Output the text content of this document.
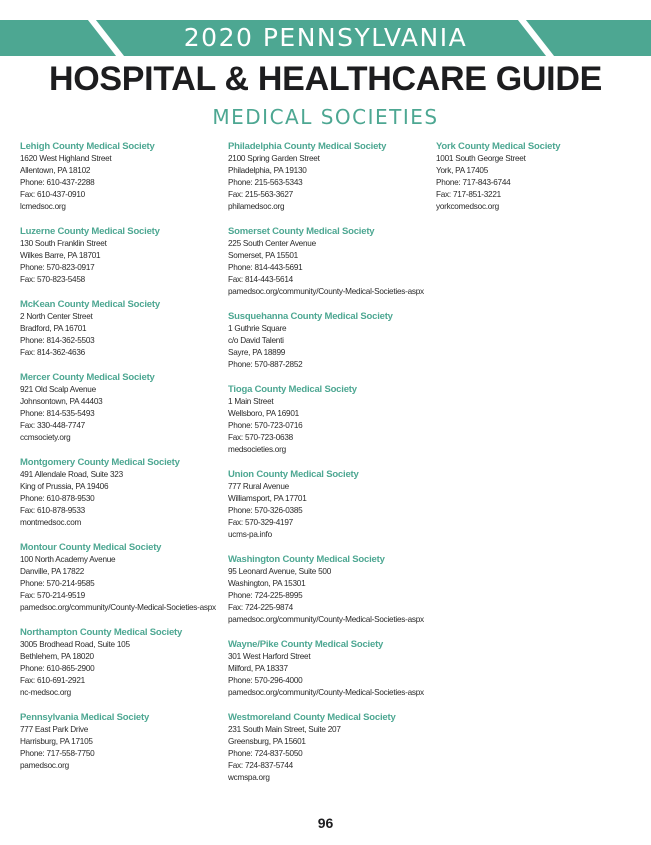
2020 PENNSYLVANIA
HOSPITAL & HEALTHCARE GUIDE
MEDICAL SOCIETIES
Lehigh County Medical Society
1620 West Highland Street
Allentown, PA 18102
Phone: 610-437-2288
Fax: 610-437-0910
lcmedsoc.org
Luzerne County Medical Society
130 South Franklin Street
Wilkes Barre, PA 18701
Phone: 570-823-0917
Fax: 570-823-5458
McKean County Medical Society
2 North Center Street
Bradford, PA 16701
Phone: 814-362-5503
Fax: 814-362-4636
Mercer County Medical Society
921 Old Scalp Avenue
Johnsontown, PA 44403
Phone: 814-535-5493
Fax: 330-448-7747
ccmsociety.org
Montgomery County Medical Society
491 Allendale Road, Suite 323
King of Prussia, PA 19406
Phone: 610-878-9530
Fax: 610-878-9533
montmedsoc.com
Montour County Medical Society
100 North Academy Avenue
Danville, PA 17822
Phone: 570-214-9585
Fax: 570-214-9519
pamedsoc.org/community/County-Medical-Societies-aspx
Northampton County Medical Society
3005 Brodhead Road, Suite 105
Bethlehem, PA 18020
Phone: 610-865-2900
Fax: 610-691-2921
nc-medsoc.org
Pennsylvania Medical Society
777 East Park Drive
Harrisburg, PA 17105
Phone: 717-558-7750
pamedsoc.org
Philadelphia County Medical Society
2100 Spring Garden Street
Philadelphia, PA 19130
Phone: 215-563-5343
Fax: 215-563-3627
philamedsoc.org
Somerset County Medical Society
225 South Center Avenue
Somerset, PA 15501
Phone: 814-443-5691
Fax: 814-443-5614
pamedsoc.org/community/County-Medical-Societies-aspx
Susquehanna County Medical Society
1 Guthrie Square
c/o David Talenti
Sayre, PA 18899
Phone: 570-887-2852
Tioga County Medical Society
1 Main Street
Wellsboro, PA 16901
Phone: 570-723-0716
Fax: 570-723-0638
medsocieties.org
Union County Medical Society
777 Rural Avenue
Williamsport, PA 17701
Phone: 570-326-0385
Fax: 570-329-4197
ucms-pa.info
Washington County Medical Society
95 Leonard Avenue, Suite 500
Washington, PA 15301
Phone: 724-225-8995
Fax: 724-225-9874
pamedsoc.org/community/County-Medical-Societies-aspx
Wayne/Pike County Medical Society
301 West Harford Street
Milford, PA 18337
Phone: 570-296-4000
pamedsoc.org/community/County-Medical-Societies-aspx
Westmoreland County Medical Society
231 South Main Street, Suite 207
Greensburg, PA 15601
Phone: 724-837-5050
Fax: 724-837-5744
wcmspa.org
York County Medical Society
1001 South George Street
York, PA 17405
Phone: 717-843-6744
Fax: 717-851-3221
yorkcomedsoc.org
96
